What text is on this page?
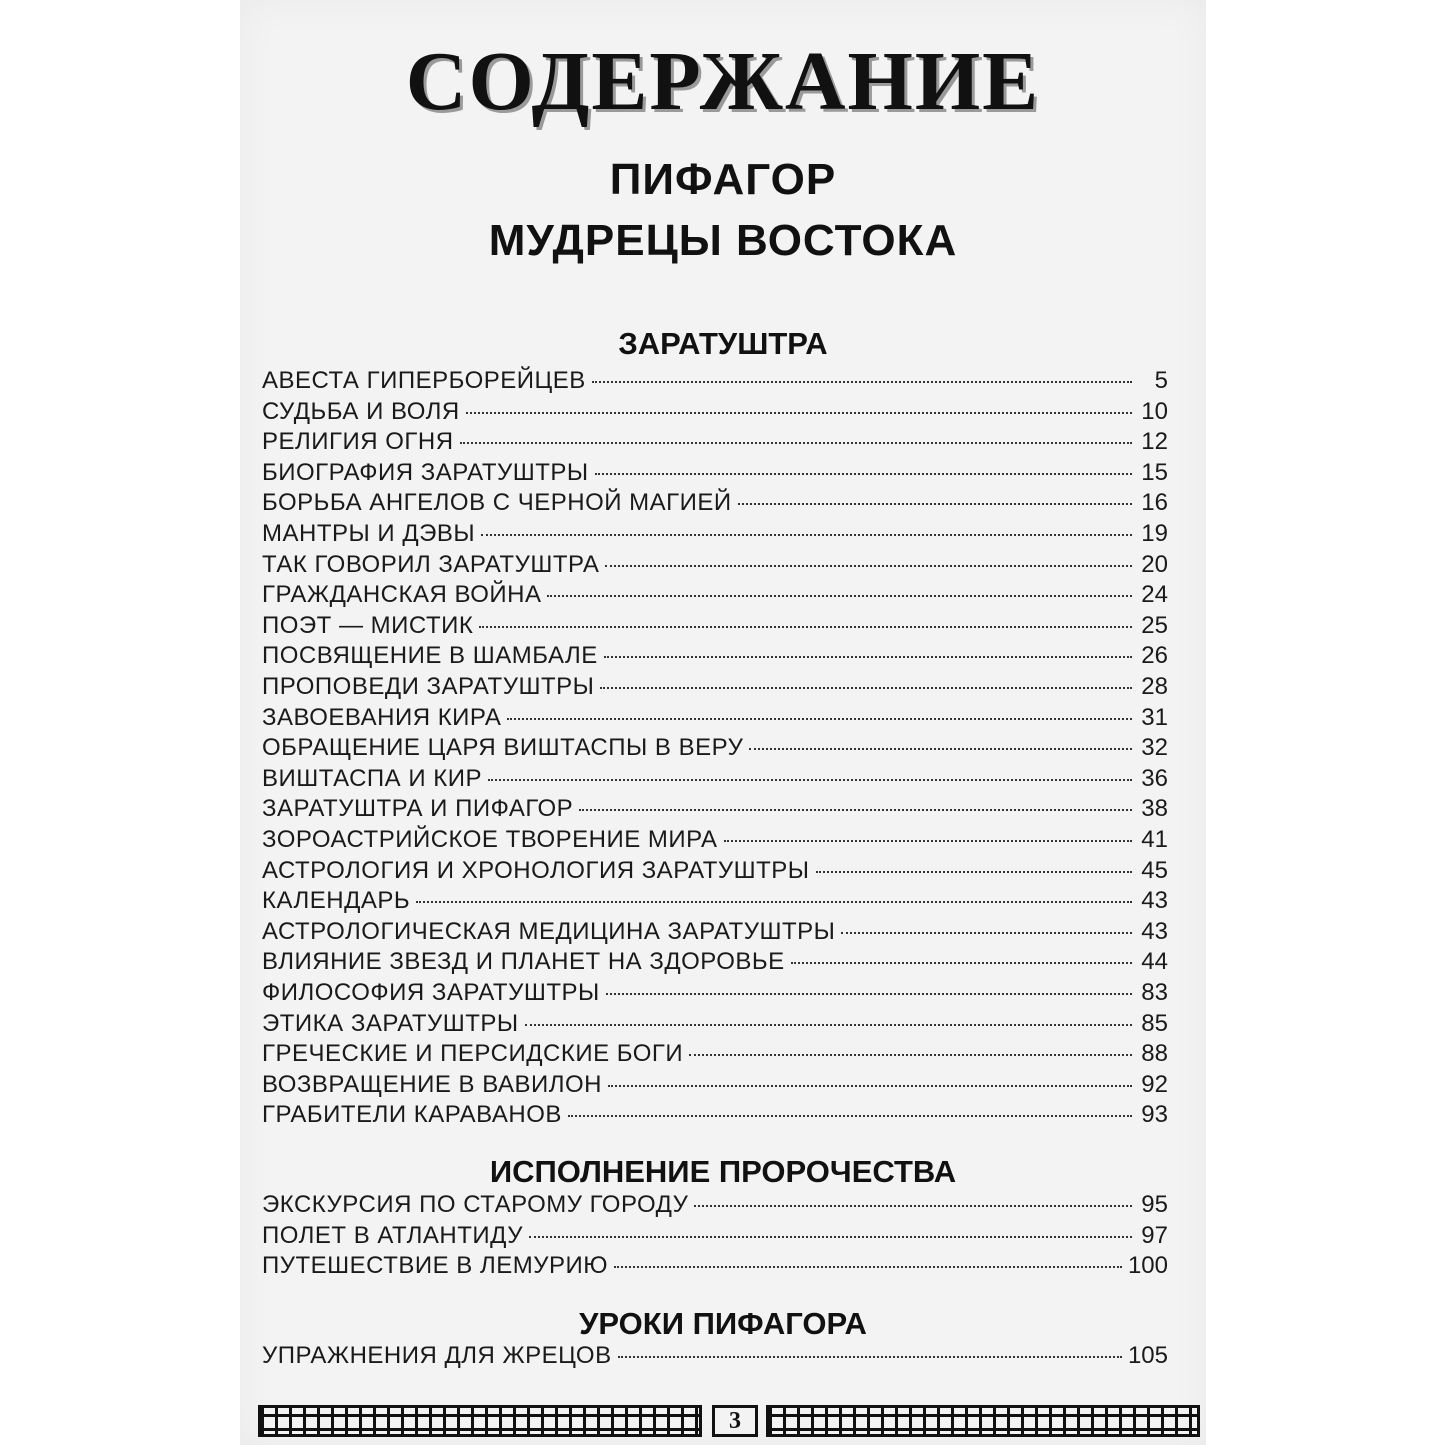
СОДЕРЖАНИЕ
ПИФАГОР
МУДРЕЦЫ ВОСТОКА
ЗАРАТУШТРА
АВЕСТА ГИПЕРБОРЕЙЦЕВ	5
СУДЬБА И ВОЛЯ	10
РЕЛИГИЯ ОГНЯ	12
БИОГРАФИЯ ЗАРАТУШТРЫ	15
БОРЬБА АНГЕЛОВ С ЧЕРНОЙ МАГИЕЙ	16
МАНТРЫ И ДЭВЫ	19
ТАК ГОВОРИЛ ЗАРАТУШТРА	20
ГРАЖДАНСКАЯ ВОЙНА	24
ПОЭТ — МИСТИК	25
ПОСВЯЩЕНИЕ В ШАМБАЛЕ	26
ПРОПОВЕДИ ЗАРАТУШТРЫ	28
ЗАВОЕВАНИЯ КИРА	31
ОБРАЩЕНИЕ ЦАРЯ ВИШТАСПЫ В ВЕРУ	32
ВИШТАСПА И КИР	36
ЗАРАТУШТРА И ПИФАГОР	38
ЗОРОАСТРИЙСКОЕ ТВОРЕНИЕ МИРА	41
АСТРОЛОГИЯ И ХРОНОЛОГИЯ ЗАРАТУШТРЫ	45
КАЛЕНДАРЬ	43
АСТРОЛОГИЧЕСКАЯ МЕДИЦИНА ЗАРАТУШТРЫ	43
ВЛИЯНИЕ ЗВЕЗД И ПЛАНЕТ НА ЗДОРОВЬЕ	44
ФИЛОСОФИЯ ЗАРАТУШТРЫ	83
ЭТИКА ЗАРАТУШТРЫ	85
ГРЕЧЕСКИЕ И ПЕРСИДСКИЕ БОГИ	88
ВОЗВРАЩЕНИЕ В ВАВИЛОН	92
ГРАБИТЕЛИ КАРАВАНОВ	93
ИСПОЛНЕНИЕ ПРОРОЧЕСТВА
ЭКСКУРСИЯ ПО СТАРОМУ ГОРОДУ	95
ПОЛЕТ В АТЛАНТИДУ	97
ПУТЕШЕСТВИЕ В ЛЕМУРИЮ	100
УРОКИ ПИФАГОРА
УПРАЖНЕНИЯ ДЛЯ ЖРЕЦОВ	105
3
